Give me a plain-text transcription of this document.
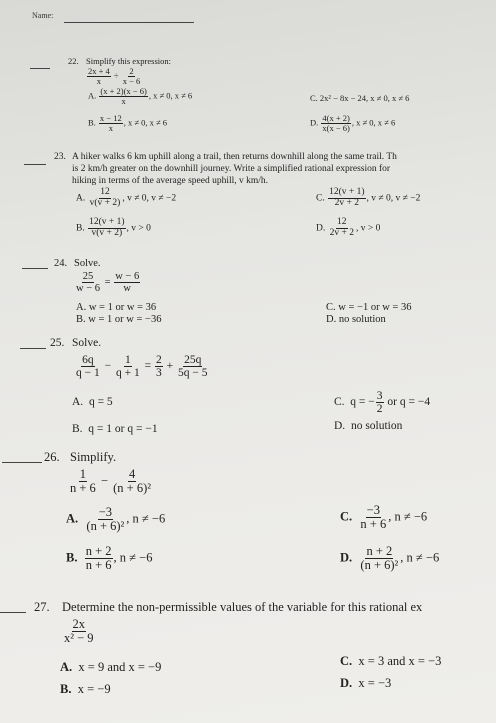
Name:
22. Simplify this expression:
$\frac{2x + 4}{x} \div \frac{2}{x - 6}$
A. $\frac{(x + 2)(x - 6)}{x}$ , x ≠ 0, x ≠ 6	C. 2x² − 8x − 24, x ≠ 0, x ≠ 6
B. $\frac{x - 12}{x}$ , x ≠ 0, x ≠ 6	D. $\frac{4(x + 2)}{x(x - 6)}$ , x ≠ 0, x ≠ 6
23. A hiker walks 6 km uphill along a trail, then returns downhill along the same trail. Th
is 2 km/h greater on the downhill journey. Write a simplified rational expression for
hiking in terms of the average speed uphill, v km/h.
A. $\frac{12}{v(v + 2)}$ , v ≠ 0, v ≠ −2	C. $\frac{12(v + 1)}{2v + 2}$ , v ≠ 0, v ≠ −2
B. $\frac{12(v + 1)}{v(v + 2)}$ , v > 0	D. $\frac{12}{2v + 2}$ , v > 0
24. Solve.
$\frac{25}{w - 6} = \frac{w - 6}{w}$
A. w = 1 or w = 36	C. w = −1 or w = 36
B. w = 1 or w = −36	D. no solution
25. Solve.
$\frac{6q}{q - 1} - \frac{1}{q + 1} = \frac{2}{3} + \frac{25q}{5q - 5}$
A. q = 5	C. q = − $\frac{3}{2}$ or q = −4
B. q = 1 or q = −1	D. no solution
26. Simplify.
$\frac{1}{n + 6} - \frac{4}{\text{(n + 6)²}}$
A. $\frac{-3}{\text{(n + 6)²}}$ , n ≠ −6	C. $\frac{-3}{n + 6}$ , n ≠ −6
B. $\frac{n + 2}{n + 6}$ , n ≠ −6	D. $\frac{n + 2}{\text{(n + 6)²}}$ , n ≠ −6
27. Determine the non-permissible values of the variable for this rational ex
$\frac{2x}{\text{x² − 9}}$
A. x = 9 and x = −9	C. x = 3 and x = −3
B. x = −9	D. x = −3
